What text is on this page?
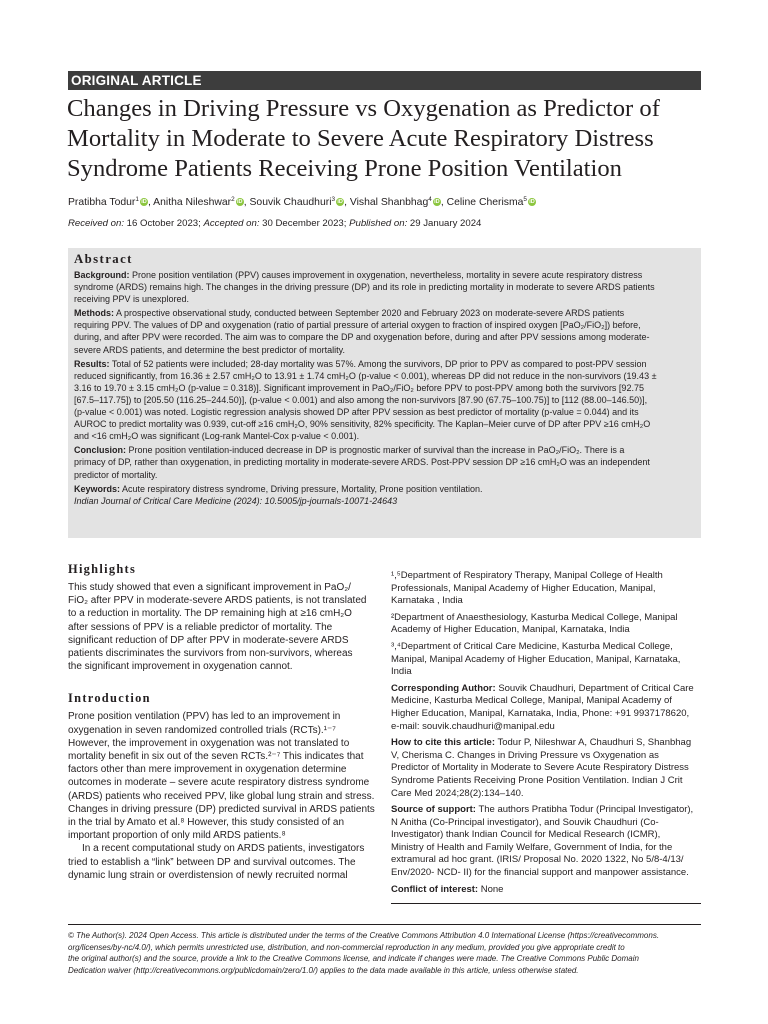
ORIGINAL ARTICLE
Changes in Driving Pressure vs Oxygenation as Predictor of
Mortality in Moderate to Severe Acute Respiratory Distress
Syndrome Patients Receiving Prone Position Ventilation
Pratibha Todur$^1$ iD, Anitha Nileshwar$^2$ iD, Souvik Chaudhuri$^3$ iD, Vishal Shanbhag$^4$ iD, Celine Cherisma$^5$ iD
Received on: 16 October 2023; Accepted on: 30 December 2023; Published on: 29 January 2024
Abstract
Background: Prone position ventilation (PPV) causes improvement in oxygenation, nevertheless, mortality in severe acute respiratory distress
syndrome (ARDS) remains high. The changes in the driving pressure (DP) and its role in predicting mortality in moderate to severe ARDS patients
receiving PPV is unexplored.
Methods: A prospective observational study, conducted between September 2020 and February 2023 on moderate-severe ARDS patients
requiring PPV. The values of DP and oxygenation (ratio of partial pressure of arterial oxygen to fraction of inspired oxygen [PaO₂/FiO₂]) before,
during, and after PPV were recorded. The aim was to compare the DP and oxygenation before, during and after PPV sessions among moderate-
severe ARDS patients, and determine the best predictor of mortality.
Results: Total of 52 patients were included; 28-day mortality was 57%. Among the survivors, DP prior to PPV as compared to post-PPV session
reduced significantly, from 16.36 ± 2.57 cmH₂O to 13.91 ± 1.74 cmH₂O (p-value < 0.001), whereas DP did not reduce in the non-survivors (19.43 ±
3.16 to 19.70 ± 3.15 cmH₂O (p-value = 0.318)]. Significant improvement in PaO₂/FiO₂ before PPV to post-PPV among both the survivors [92.75
[67.5–117.75]) to [205.50 (116.25–244.50)], (p-value < 0.001) and also among the non-survivors [87.90 (67.75–100.75)] to [112 (88.00–146.50)],
(p-value < 0.001) was noted. Logistic regression analysis showed DP after PPV session as best predictor of mortality (p-value = 0.044) and its
AUROC to predict mortality was 0.939, cut-off ≥16 cmH₂O, 90% sensitivity, 82% specificity. The Kaplan–Meier curve of DP after PPV ≥16 cmH₂O
and <16 cmH₂O was significant (Log-rank Mantel-Cox p-value < 0.001).
Conclusion: Prone position ventilation-induced decrease in DP is prognostic marker of survival than the increase in PaO₂/FiO₂. There is a
primacy of DP, rather than oxygenation, in predicting mortality in moderate-severe ARDS. Post-PPV session DP ≥16 cmH₂O was an independent
predictor of mortality.
Keywords: Acute respiratory distress syndrome, Driving pressure, Mortality, Prone position ventilation.
Indian Journal of Critical Care Medicine (2024): 10.5005/jp-journals-10071-24643
Highlights
This study showed that even a significant improvement in PaO₂/
FiO₂ after PPV in moderate-severe ARDS patients, is not translated
to a reduction in mortality. The DP remaining high at ≥16 cmH₂O
after sessions of PPV is a reliable predictor of mortality. The
significant reduction of DP after PPV in moderate-severe ARDS
patients discriminates the survivors from non-survivors, whereas
the significant improvement in oxygenation cannot.
Introduction
Prone position ventilation (PPV) has led to an improvement in
oxygenation in seven randomized controlled trials (RCTs).¹⁻⁷
However, the improvement in oxygenation was not translated to
mortality benefit in six out of the seven RCTs.²⁻⁷ This indicates that
factors other than mere improvement in oxygenation determine
outcomes in moderate – severe acute respiratory distress syndrome
(ARDS) patients who received PPV, like global lung strain and stress.
Changes in driving pressure (DP) predicted survival in ARDS patients
in the trial by Amato et al.⁸ However, this study consisted of an
important proportion of only mild ARDS patients.⁸
In a recent computational study on ARDS patients, investigators
tried to establish a “link” between DP and survival outcomes. The
dynamic lung strain or overdistension of newly recruited normal
¹,⁵Department of Respiratory Therapy, Manipal College of Health
Professionals, Manipal Academy of Higher Education, Manipal,
Karnataka , India
²Department of Anaesthesiology, Kasturba Medical College, Manipal
Academy of Higher Education, Manipal, Karnataka, India
³,⁴Department of Critical Care Medicine, Kasturba Medical College,
Manipal, Manipal Academy of Higher Education, Manipal, Karnataka,
India
Corresponding Author: Souvik Chaudhuri, Department of Critical Care
Medicine, Kasturba Medical College, Manipal, Manipal Academy of
Higher Education, Manipal, Karnataka, India, Phone: +91 9937178620,
e-mail: souvik.chaudhuri@manipal.edu
How to cite this article: Todur P, Nileshwar A, Chaudhuri S, Shanbhag
V, Cherisma C. Changes in Driving Pressure vs Oxygenation as
Predictor of Mortality in Moderate to Severe Acute Respiratory Distress
Syndrome Patients Receiving Prone Position Ventilation. Indian J Crit
Care Med 2024;28(2):134–140.
Source of support: The authors Pratibha Todur (Principal Investigator),
N Anitha (Co-Principal investigator), and Souvik Chaudhuri (Co-
Investigator) thank Indian Council for Medical Research (ICMR),
Ministry of Health and Family Welfare, Government of India, for the
extramural ad hoc grant. (IRIS/ Proposal No. 2020 1322, No 5/8-4/13/
Env/2020- NCD- II) for the financial support and manpower assistance.
Conflict of interest: None
© The Author(s). 2024 Open Access. This article is distributed under the terms of the Creative Commons Attribution 4.0 International License (https://creativecommons.
org/licenses/by-nc/4.0/), which permits unrestricted use, distribution, and non-commercial reproduction in any medium, provided you give appropriate credit to
the original author(s) and the source, provide a link to the Creative Commons license, and indicate if changes were made. The Creative Commons Public Domain
Dedication waiver (http://creativecommons.org/publicdomain/zero/1.0/) applies to the data made available in this article, unless otherwise stated.
